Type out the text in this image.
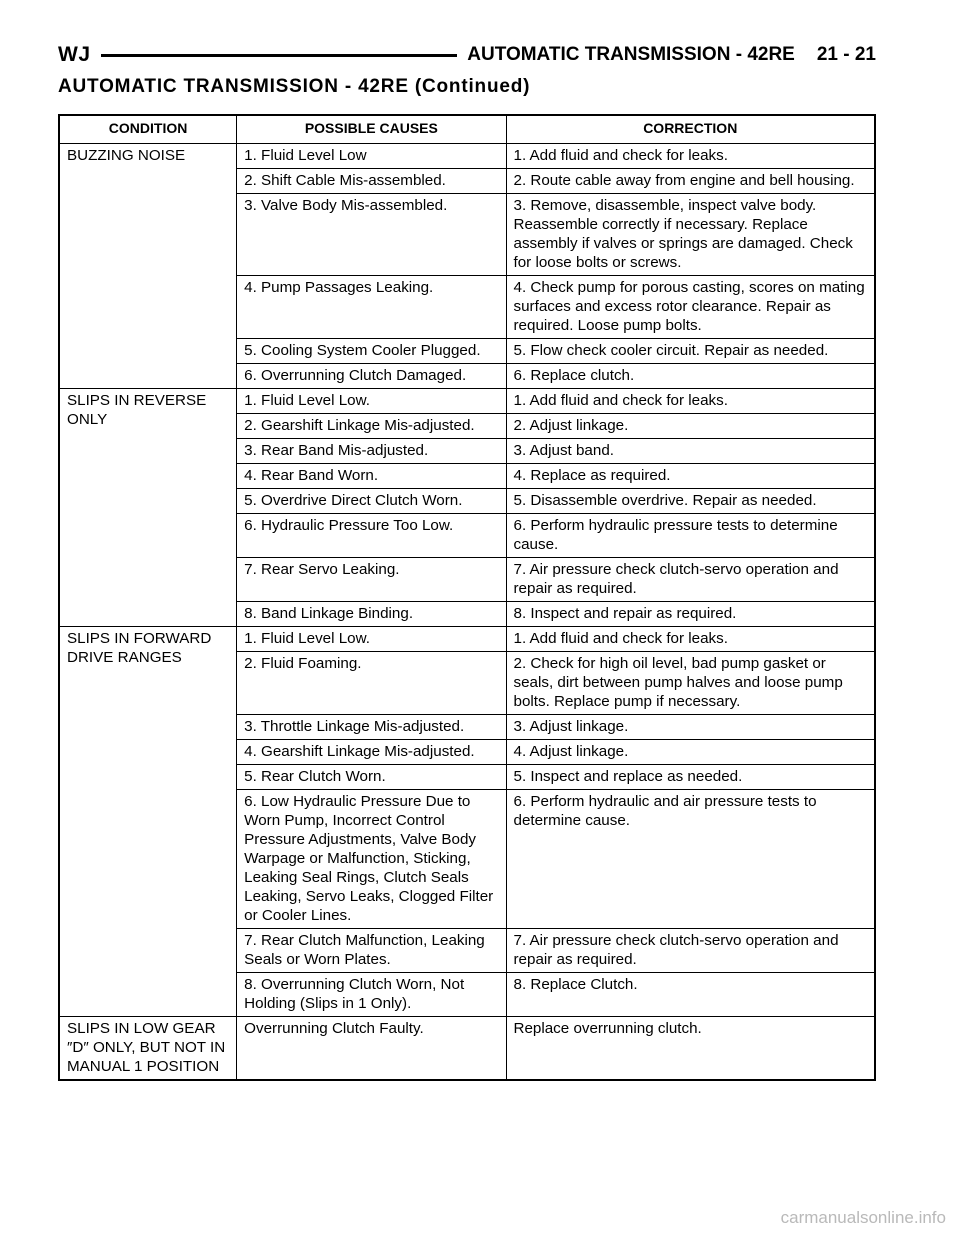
WJ	AUTOMATIC TRANSMISSION - 42RE 21 - 21
AUTOMATIC TRANSMISSION - 42RE (Continued)
CONDITION	POSSIBLE CAUSES	CORRECTION
BUZZING NOISE	1. Fluid Level Low	1. Add fluid and check for leaks.
	2. Shift Cable Mis-assembled.	2. Route cable away from engine and bell housing.
	3. Valve Body Mis-assembled.	3. Remove, disassemble, inspect valve body. Reassemble correctly if necessary. Replace assembly if valves or springs are damaged. Check for loose bolts or screws.
	4. Pump Passages Leaking.	4. Check pump for porous casting, scores on mating surfaces and excess rotor clearance. Repair as required. Loose pump bolts.
	5. Cooling System Cooler Plugged.	5. Flow check cooler circuit. Repair as needed.
	6. Overrunning Clutch Damaged.	6. Replace clutch.
SLIPS IN REVERSE ONLY	1. Fluid Level Low.	1. Add fluid and check for leaks.
	2. Gearshift Linkage Mis-adjusted.	2. Adjust linkage.
	3. Rear Band Mis-adjusted.	3. Adjust band.
	4. Rear Band Worn.	4. Replace as required.
	5. Overdrive Direct Clutch Worn.	5. Disassemble overdrive. Repair as needed.
	6. Hydraulic Pressure Too Low.	6. Perform hydraulic pressure tests to determine cause.
	7. Rear Servo Leaking.	7. Air pressure check clutch-servo operation and repair as required.
	8. Band Linkage Binding.	8. Inspect and repair as required.
SLIPS IN FORWARD DRIVE RANGES	1. Fluid Level Low.	1. Add fluid and check for leaks.
	2. Fluid Foaming.	2. Check for high oil level, bad pump gasket or seals, dirt between pump halves and loose pump bolts. Replace pump if necessary.
	3. Throttle Linkage Mis-adjusted.	3. Adjust linkage.
	4. Gearshift Linkage Mis-adjusted.	4. Adjust linkage.
	5. Rear Clutch Worn.	5. Inspect and replace as needed.
	6. Low Hydraulic Pressure Due to Worn Pump, Incorrect Control Pressure Adjustments, Valve Body Warpage or Malfunction, Sticking, Leaking Seal Rings, Clutch Seals Leaking, Servo Leaks, Clogged Filter or Cooler Lines.	6. Perform hydraulic and air pressure tests to determine cause.
	7. Rear Clutch Malfunction, Leaking Seals or Worn Plates.	7. Air pressure check clutch-servo operation and repair as required.
	8. Overrunning Clutch Worn, Not Holding (Slips in 1 Only).	8. Replace Clutch.
SLIPS IN LOW GEAR ″D″ ONLY, BUT NOT IN MANUAL 1 POSITION	Overrunning Clutch Faulty.	Replace overrunning clutch.
carmanualsonline.info
